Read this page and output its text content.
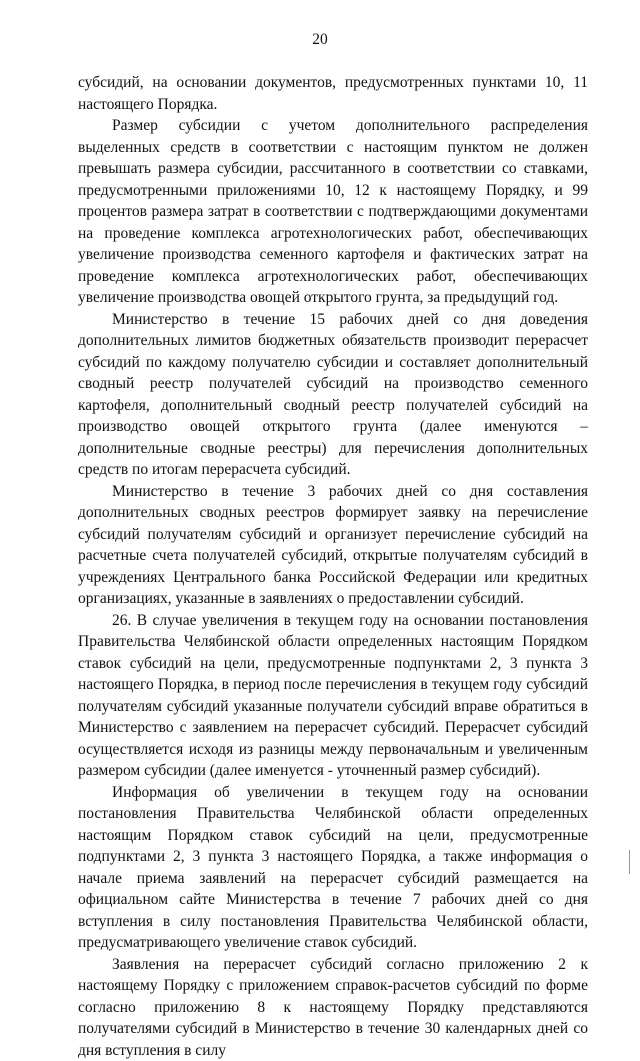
20

субсидий, на основании документов, предусмотренных пунктами 10, 11 настоящего Порядка.

Размер субсидии с учетом дополнительного распределения выделенных средств в соответствии с настоящим пунктом не должен превышать размера субсидии, рассчитанного в соответствии со ставками, предусмотренными приложениями 10, 12 к настоящему Порядку, и 99 процентов размера затрат в соответствии с подтверждающими документами на проведение комплекса агротехнологических работ, обеспечивающих увеличение производства семенного картофеля и фактических затрат на проведение комплекса агротехнологических работ, обеспечивающих увеличение производства овощей открытого грунта, за предыдущий год.

Министерство в течение 15 рабочих дней со дня доведения дополнительных лимитов бюджетных обязательств производит перерасчет субсидий по каждому получателю субсидии и составляет дополнительный сводный реестр получателей субсидий на производство семенного картофеля, дополнительный сводный реестр получателей субсидий на производство овощей открытого грунта (далее именуются – дополнительные сводные реестры) для перечисления дополнительных средств по итогам перерасчета субсидий.

Министерство в течение 3 рабочих дней со дня составления дополнительных сводных реестров формирует заявку на перечисление субсидий получателям субсидий и организует перечисление субсидий на расчетные счета получателей субсидий, открытые получателям субсидий в учреждениях Центрального банка Российской Федерации или кредитных организациях, указанные в заявлениях о предоставлении субсидий.

26. В случае увеличения в текущем году на основании постановления Правительства Челябинской области определенных настоящим Порядком ставок субсидий на цели, предусмотренные подпунктами 2, 3 пункта 3 настоящего Порядка, в период после перечисления в текущем году субсидий получателям субсидий указанные получатели субсидий вправе обратиться в Министерство с заявлением на перерасчет субсидий. Перерасчет субсидий осуществляется исходя из разницы между первоначальным и увеличенным размером субсидии (далее именуется - уточненный размер субсидий).

Информация об увеличении в текущем году на основании постановления Правительства Челябинской области определенных настоящим Порядком ставок субсидий на цели, предусмотренные подпунктами 2, 3 пункта 3 настоящего Порядка, а также информация о начале приема заявлений на перерасчет субсидий размещается на официальном сайте Министерства в течение 7 рабочих дней со дня вступления в силу постановления Правительства Челябинской области, предусматривающего увеличение ставок субсидий.

Заявления на перерасчет субсидий согласно приложению 2 к настоящему Порядку с приложением справок-расчетов субсидий по форме согласно приложению 8 к настоящему Порядку представляются получателями субсидий в Министерство в течение 30 календарных дней со дня вступления в силу
